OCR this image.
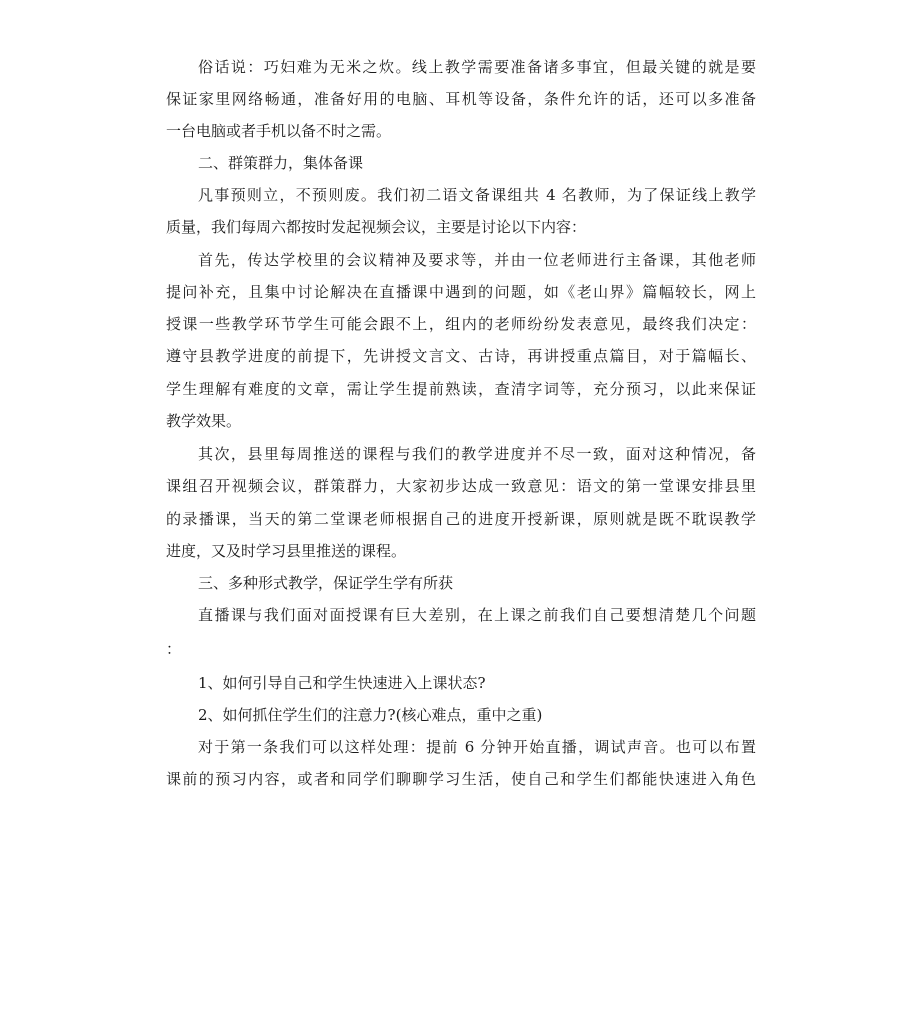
俗话说：巧妇难为无米之炊。线上教学需要准备诸多事宜，但最关键的就是要
保证家里网络畅通，准备好用的电脑、耳机等设备，条件允许的话，还可以多准备
一台电脑或者手机以备不时之需。
二、群策群力，集体备课
凡事预则立，不预则废。我们初二语文备课组共 4 名教师，为了保证线上教学
质量，我们每周六都按时发起视频会议，主要是讨论以下内容：
首先，传达学校里的会议精神及要求等，并由一位老师进行主备课，其他老师
提问补充，且集中讨论解决在直播课中遇到的问题，如《老山界》篇幅较长，网上
授课一些教学环节学生可能会跟不上，组内的老师纷纷发表意见，最终我们决定：
遵守县教学进度的前提下，先讲授文言文、古诗，再讲授重点篇目，对于篇幅长、
学生理解有难度的文章，需让学生提前熟读，查清字词等，充分预习，以此来保证
教学效果。
其次，县里每周推送的课程与我们的教学进度并不尽一致，面对这种情况，备
课组召开视频会议，群策群力，大家初步达成一致意见：语文的第一堂课安排县里
的录播课，当天的第二堂课老师根据自己的进度开授新课，原则就是既不耽误教学
进度，又及时学习县里推送的课程。
三、多种形式教学，保证学生学有所获
直播课与我们面对面授课有巨大差别，在上课之前我们自己要想清楚几个问题
：
1、如何引导自己和学生快速进入上课状态?
2、如何抓住学生们的注意力?(核心难点，重中之重)
对于第一条我们可以这样处理：提前 6 分钟开始直播，调试声音。也可以布置
课前的预习内容，或者和同学们聊聊学习生活，使自己和学生们都能快速进入角色
